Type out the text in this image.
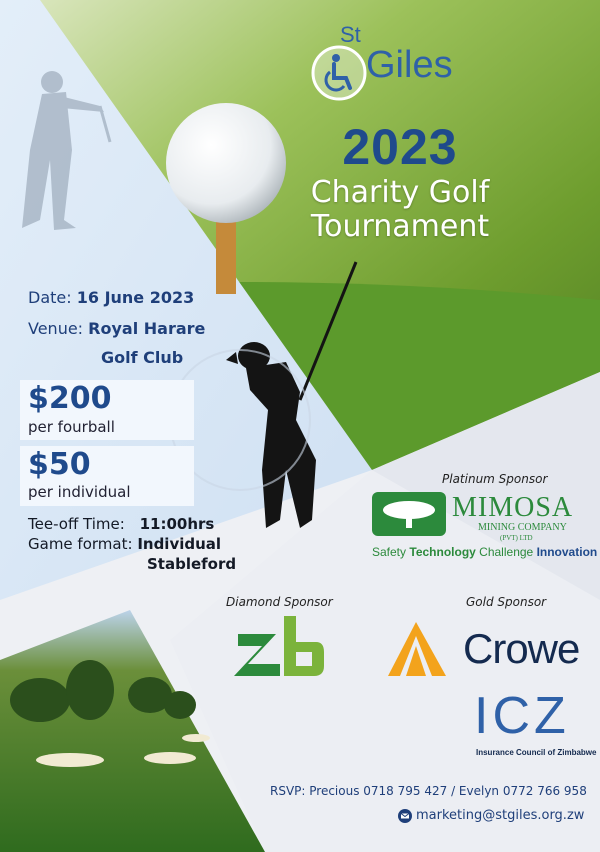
St
Giles
2023
Charity Golf
Tournament
Date: 16 June 2023
Venue: Royal Harare
Golf Club
$200
per fourball
$50
per individual
Tee-off Time: 11:00hrs
Game format: Individual
Stableford
Platinum Sponsor
MIMOSA
MINING COMPANY
(PVT) LTD
Safety Technology Challenge Innovation
Diamond Sponsor	Gold Sponsor
Crowe
ICZ
Insurance Council of Zimbabwe
RSVP: Precious 0718 795 427 / Evelyn 0772 766 958
marketing@stgiles.org.zw
